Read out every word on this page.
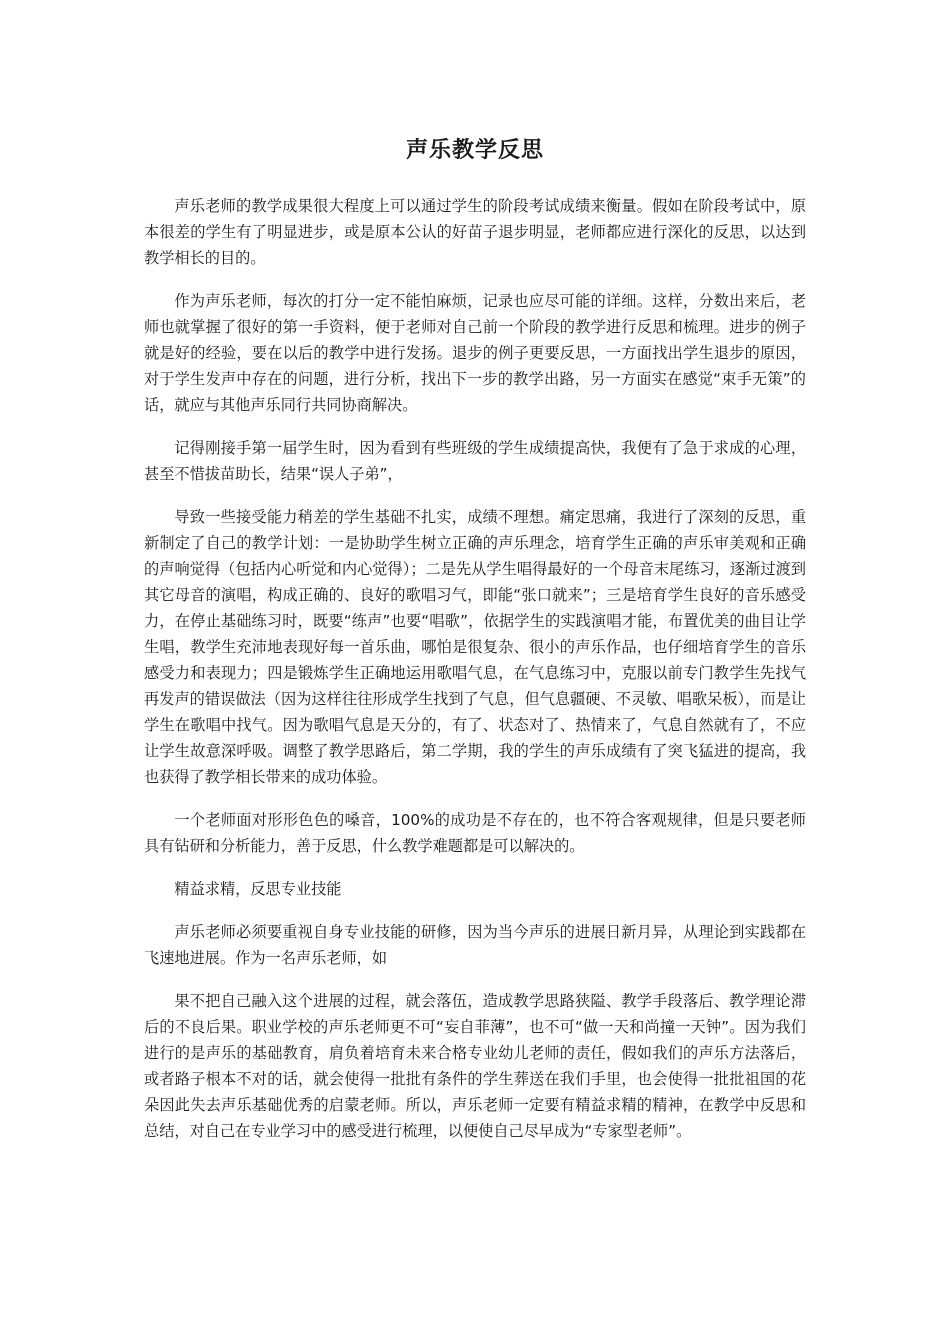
声乐教学反思

声乐老师的教学成果很大程度上可以通过学生的阶段考试成绩来衡量。假如在阶段考试中，原本很差的学生有了明显进步，或是原本公认的好苗子退步明显，老师都应进行深化的反思，以达到教学相长的目的。

作为声乐老师，每次的打分一定不能怕麻烦，记录也应尽可能的详细。这样，分数出来后，老师也就掌握了很好的第一手资料，便于老师对自己前一个阶段的教学进行反思和梳理。进步的例子就是好的经验，要在以后的教学中进行发扬。退步的例子更要反思，一方面找出学生退步的原因，对于学生发声中存在的问题，进行分析，找出下一步的教学出路，另一方面实在感觉“束手无策”的话，就应与其他声乐同行共同协商解决。

记得刚接手第一届学生时，因为看到有些班级的学生成绩提高快，我便有了急于求成的心理，甚至不惜拔苗助长，结果“误人子弟”，

导致一些接受能力稍差的学生基础不扎实，成绩不理想。痛定思痛，我进行了深刻的反思，重新制定了自己的教学计划：一是协助学生树立正确的声乐理念，培育学生正确的声乐审美观和正确的声响觉得（包括内心听觉和内心觉得）；二是先从学生唱得最好的一个母音末尾练习，逐渐过渡到其它母音的演唱，构成正确的、良好的歌唱习气，即能“张口就来”；三是培育学生良好的音乐感受力，在停止基础练习时，既要“练声”也要“唱歌”，依据学生的实践演唱才能，布置优美的曲目让学生唱，教学生充沛地表现好每一首乐曲，哪怕是很复杂、很小的声乐作品，也仔细培育学生的音乐感受力和表现力；四是锻炼学生正确地运用歌唱气息，在气息练习中，克服以前专门教学生先找气再发声的错误做法（因为这样往往形成学生找到了气息，但气息疆硬、不灵敏、唱歌呆板），而是让学生在歌唱中找气。因为歌唱气息是天分的，有了、状态对了、热情来了，气息自然就有了，不应让学生故意深呼吸。调整了教学思路后，第二学期，我的学生的声乐成绩有了突飞猛进的提高，我也获得了教学相长带来的成功体验。

一个老师面对形形色色的嗓音，100%的成功是不存在的，也不符合客观规律，但是只要老师具有钻研和分析能力，善于反思，什么教学难题都是可以解决的。

精益求精，反思专业技能

声乐老师必须要重视自身专业技能的研修，因为当今声乐的进展日新月异，从理论到实践都在飞速地进展。作为一名声乐老师，如

果不把自己融入这个进展的过程，就会落伍，造成教学思路狭隘、教学手段落后、教学理论滞后的不良后果。职业学校的声乐老师更不可“妄自菲薄”，也不可“做一天和尚撞一天钟”。因为我们进行的是声乐的基础教育，肩负着培育未来合格专业幼儿老师的责任，假如我们的声乐方法落后，或者路子根本不对的话，就会使得一批批有条件的学生葬送在我们手里，也会使得一批批祖国的花朵因此失去声乐基础优秀的启蒙老师。所以，声乐老师一定要有精益求精的精神，在教学中反思和总结，对自己在专业学习中的感受进行梳理，以便使自己尽早成为“专家型老师”。
